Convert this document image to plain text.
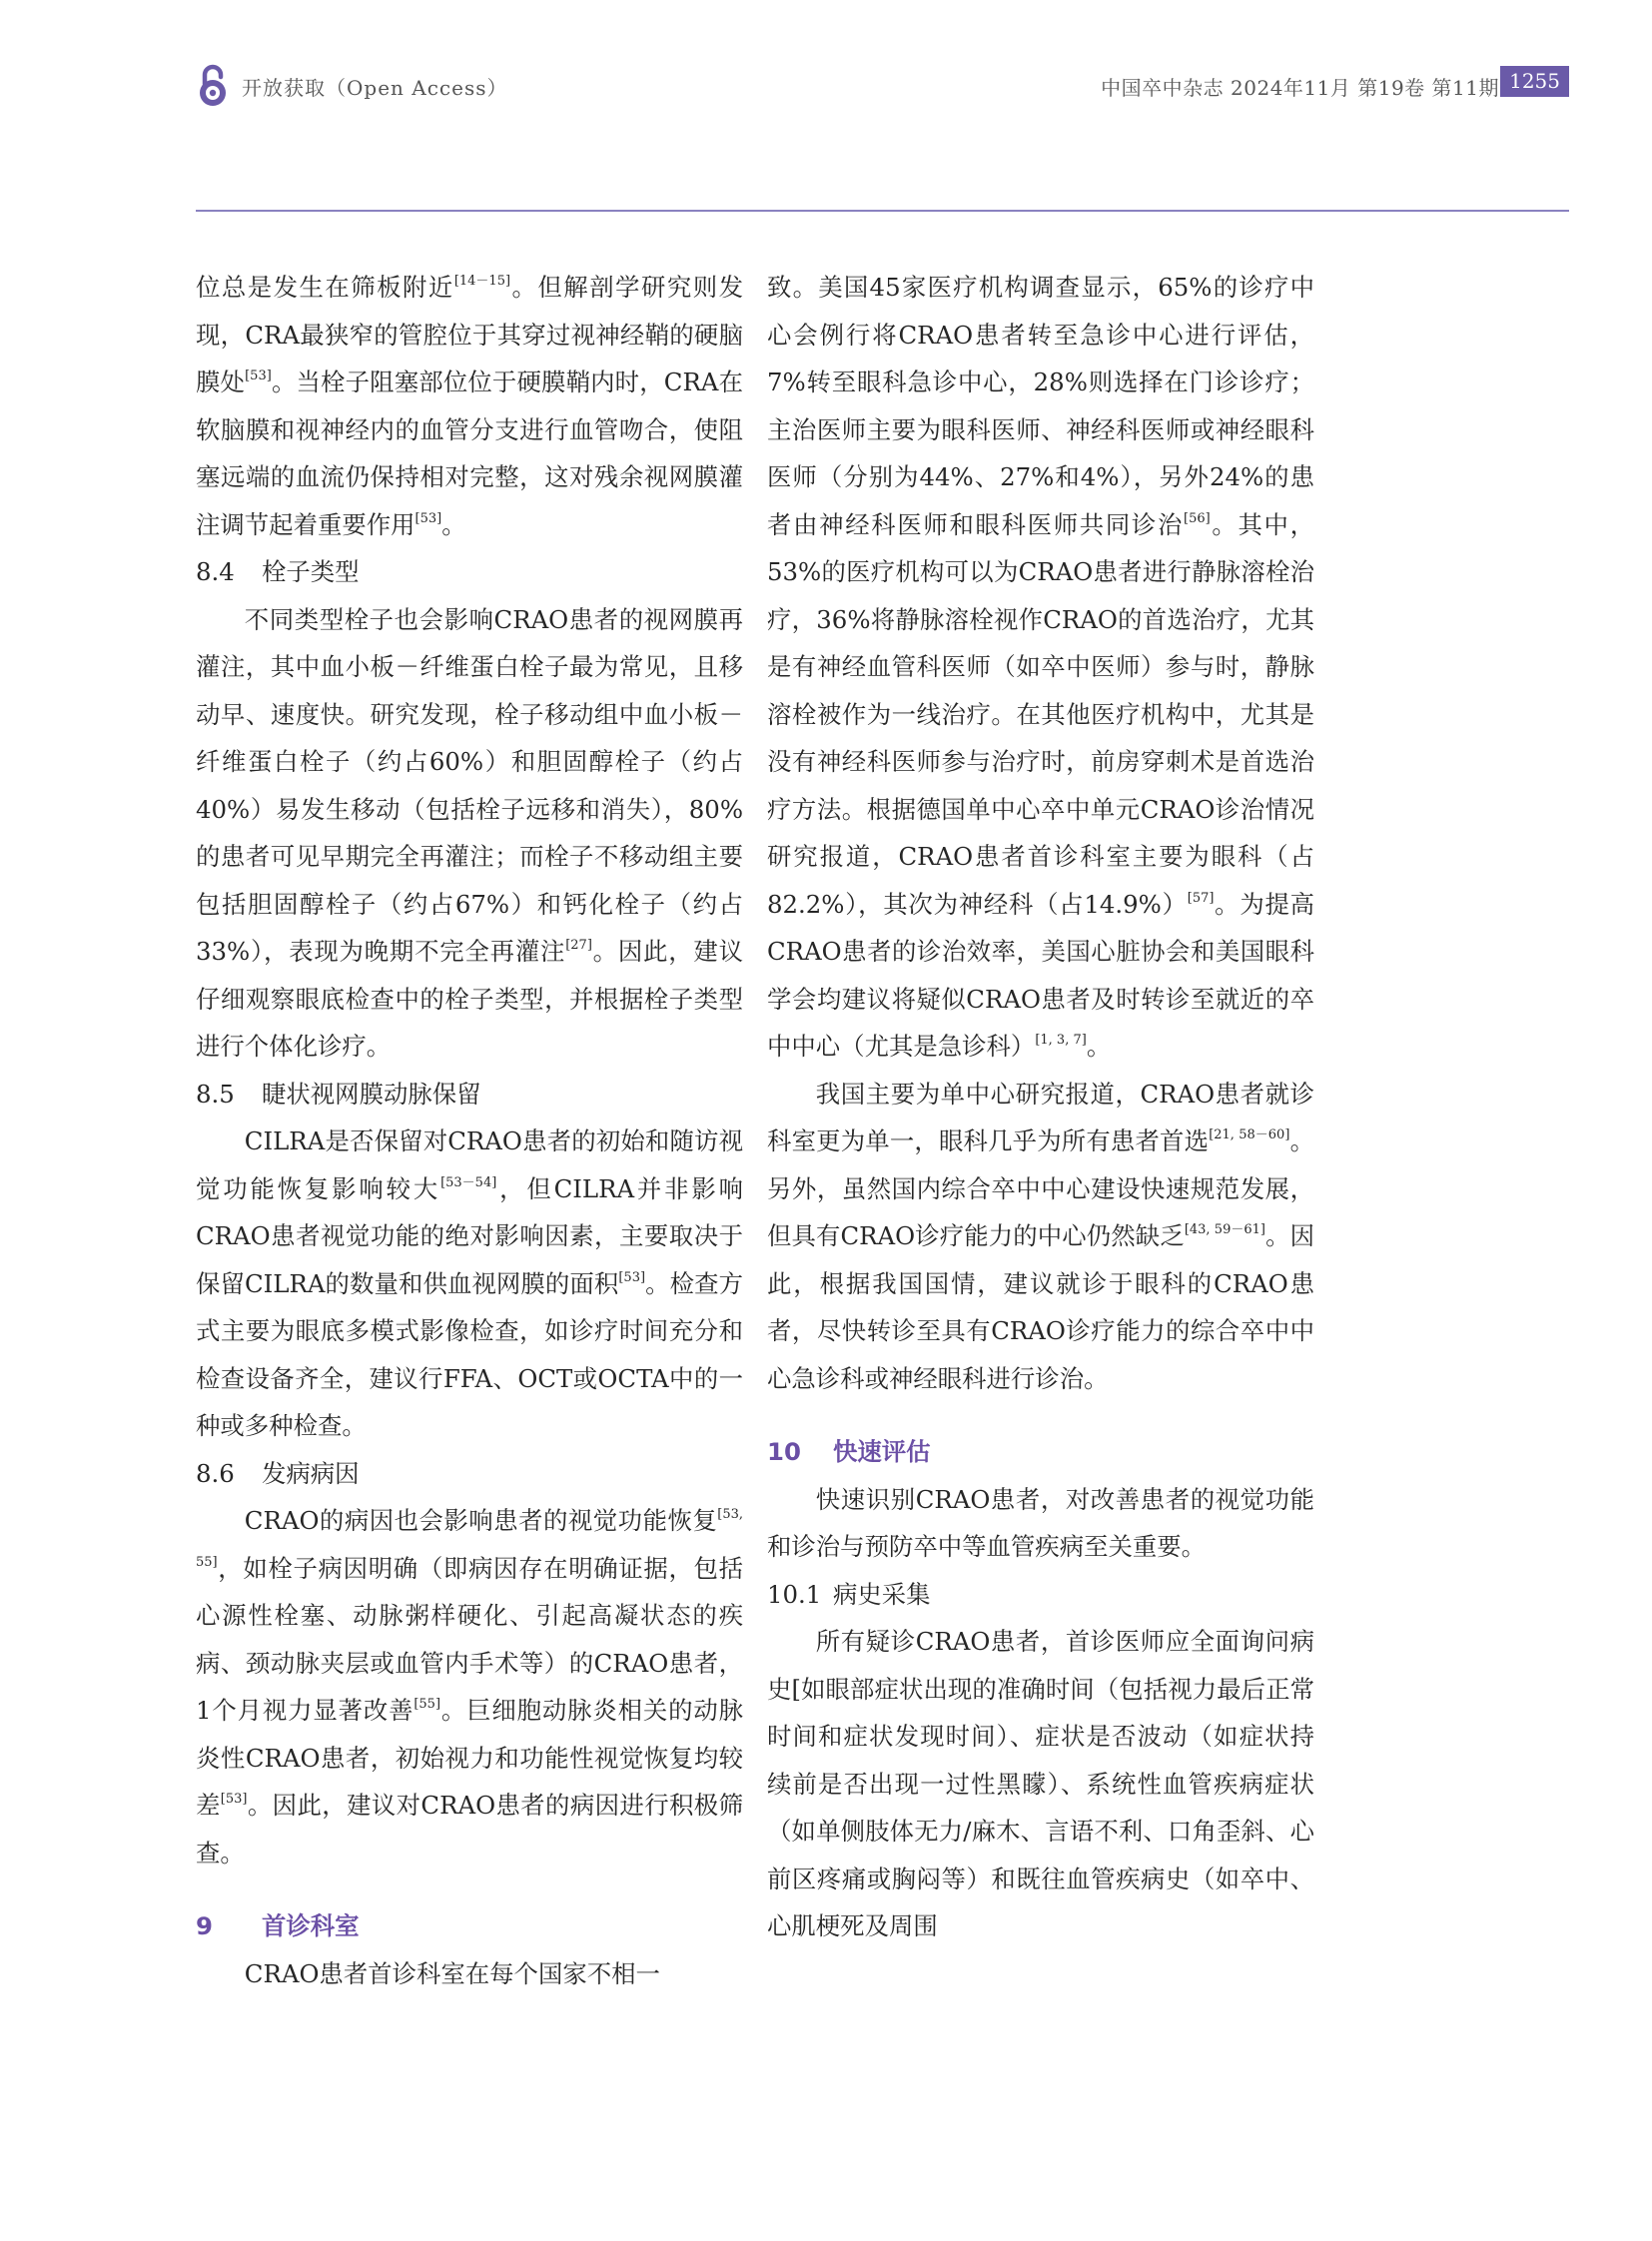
开放获取（Open Access）	中国卒中杂志 2024年11月 第19卷 第11期 1255

位总是发生在筛板附近[14－15]。但解剖学研究则发现，CRA最狭窄的管腔位于其穿过视神经鞘的硬脑膜处[53]。当栓子阻塞部位位于硬膜鞘内时，CRA在软脑膜和视神经内的血管分支进行血管吻合，使阻塞远端的血流仍保持相对完整，这对残余视网膜灌注调节起着重要作用[53]。

8.4 栓子类型

不同类型栓子也会影响CRAO患者的视网膜再灌注，其中血小板－纤维蛋白栓子最为常见，且移动早、速度快。研究发现，栓子移动组中血小板－纤维蛋白栓子（约占60%）和胆固醇栓子（约占40%）易发生移动（包括栓子远移和消失），80%的患者可见早期完全再灌注；而栓子不移动组主要包括胆固醇栓子（约占67%）和钙化栓子（约占33%），表现为晚期不完全再灌注[27]。因此，建议仔细观察眼底检查中的栓子类型，并根据栓子类型进行个体化诊疗。

8.5 睫状视网膜动脉保留

CILRA是否保留对CRAO患者的初始和随访视觉功能恢复影响较大[53－54]，但CILRA并非影响CRAO患者视觉功能的绝对影响因素，主要取决于保留CILRA的数量和供血视网膜的面积[53]。检查方式主要为眼底多模式影像检查，如诊疗时间充分和检查设备齐全，建议行FFA、OCT或OCTA中的一种或多种检查。

8.6 发病病因

CRAO的病因也会影响患者的视觉功能恢复[53, 55]，如栓子病因明确（即病因存在明确证据，包括心源性栓塞、动脉粥样硬化、引起高凝状态的疾病、颈动脉夹层或血管内手术等）的CRAO患者，1个月视力显著改善[55]。巨细胞动脉炎相关的动脉炎性CRAO患者，初始视力和功能性视觉恢复均较差[53]。因此，建议对CRAO患者的病因进行积极筛查。

9 首诊科室

CRAO患者首诊科室在每个国家不相一

致。美国45家医疗机构调查显示，65%的诊疗中心会例行将CRAO患者转至急诊中心进行评估，7%转至眼科急诊中心，28%则选择在门诊诊疗；主治医师主要为眼科医师、神经科医师或神经眼科医师（分别为44%、27%和4%），另外24%的患者由神经科医师和眼科医师共同诊治[56]。其中，53%的医疗机构可以为CRAO患者进行静脉溶栓治疗，36%将静脉溶栓视作CRAO的首选治疗，尤其是有神经血管科医师（如卒中医师）参与时，静脉溶栓被作为一线治疗。在其他医疗机构中，尤其是没有神经科医师参与治疗时，前房穿刺术是首选治疗方法。根据德国单中心卒中单元CRAO诊治情况研究报道，CRAO患者首诊科室主要为眼科（占82.2%），其次为神经科（占14.9%）[57]。为提高CRAO患者的诊治效率，美国心脏协会和美国眼科学会均建议将疑似CRAO患者及时转诊至就近的卒中中心（尤其是急诊科）[1, 3, 7]。

我国主要为单中心研究报道，CRAO患者就诊科室更为单一，眼科几乎为所有患者首选[21, 58－60]。另外，虽然国内综合卒中中心建设快速规范发展，但具有CRAO诊疗能力的中心仍然缺乏[43, 59－61]。因此，根据我国国情，建议就诊于眼科的CRAO患者，尽快转诊至具有CRAO诊疗能力的综合卒中中心急诊科或神经眼科进行诊治。

10 快速评估

快速识别CRAO患者，对改善患者的视觉功能和诊治与预防卒中等血管疾病至关重要。

10.1 病史采集

所有疑诊CRAO患者，首诊医师应全面询问病史[如眼部症状出现的准确时间（包括视力最后正常时间和症状发现时间）、症状是否波动（如症状持续前是否出现一过性黑矇）、系统性血管疾病症状（如单侧肢体无力/麻木、言语不利、口角歪斜、心前区疼痛或胸闷等）和既往血管疾病史（如卒中、心肌梗死及周围
